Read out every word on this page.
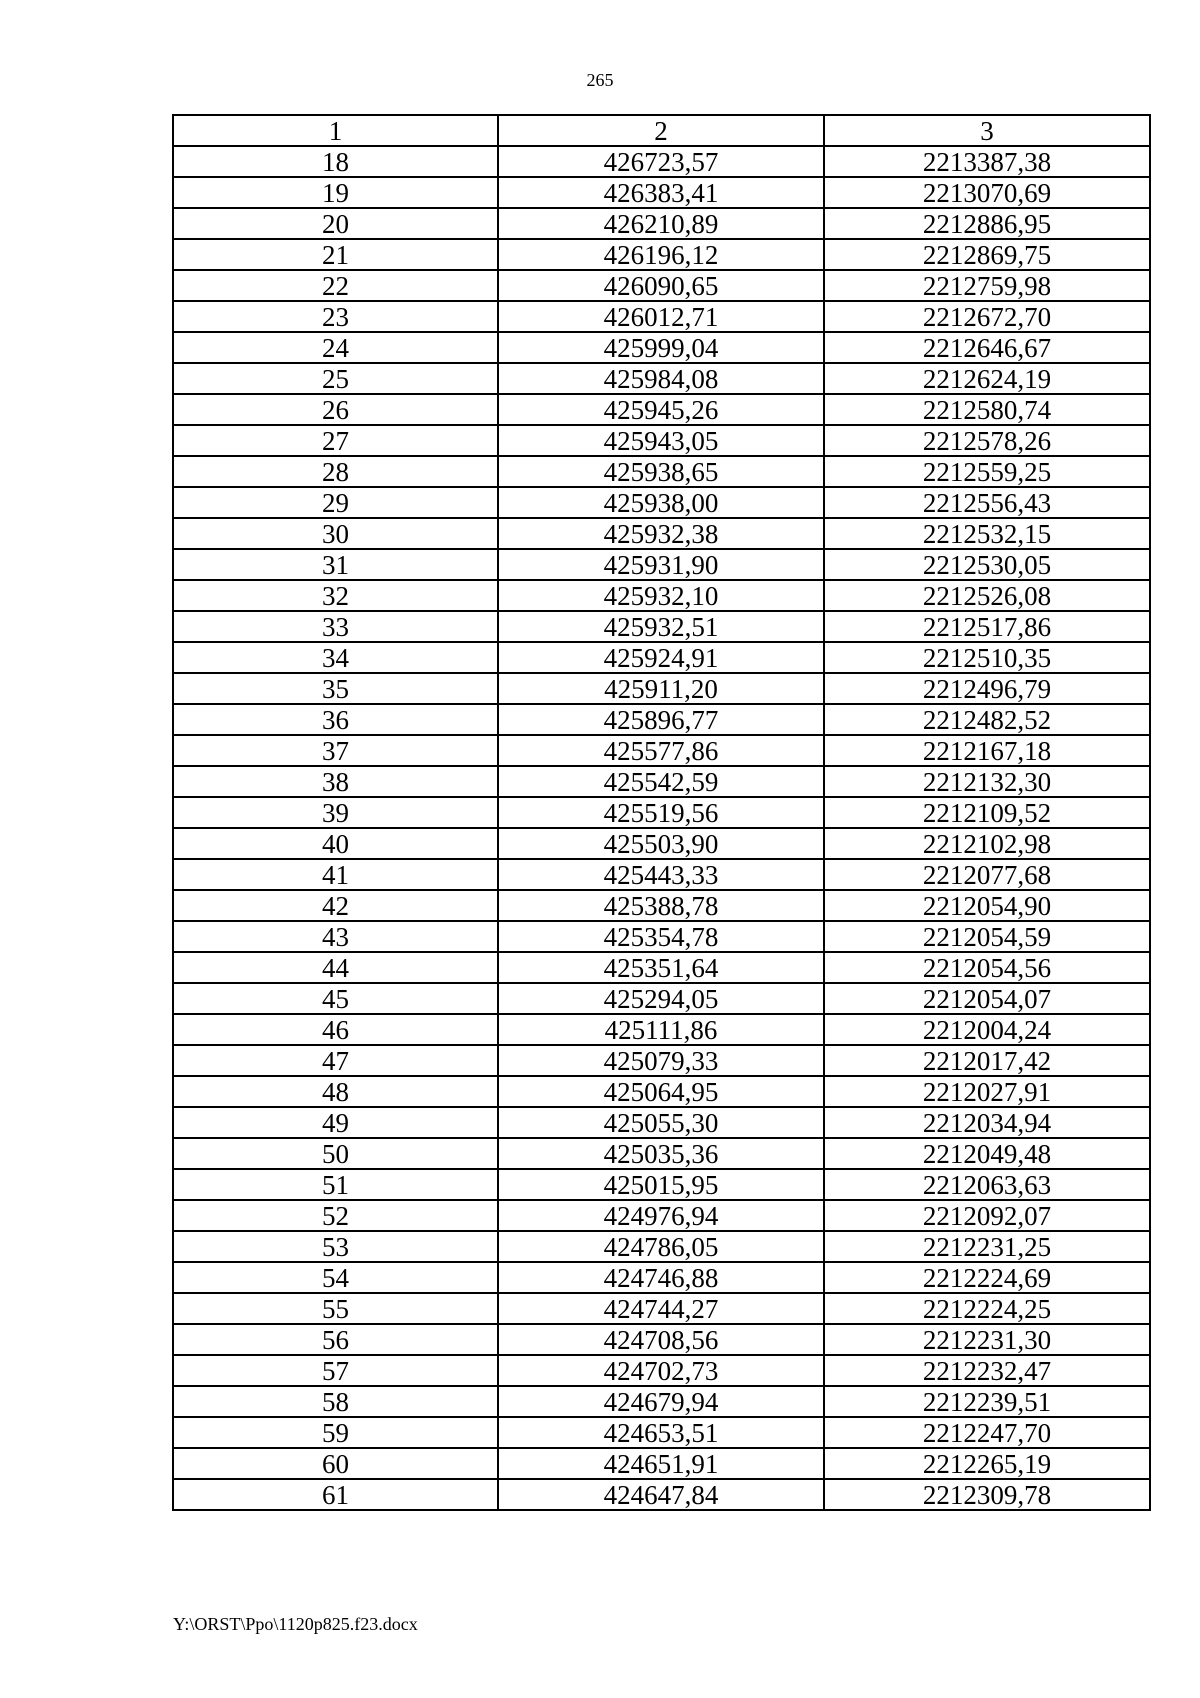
265
1	2	3
18	426723,57	2213387,38
19	426383,41	2213070,69
20	426210,89	2212886,95
21	426196,12	2212869,75
22	426090,65	2212759,98
23	426012,71	2212672,70
24	425999,04	2212646,67
25	425984,08	2212624,19
26	425945,26	2212580,74
27	425943,05	2212578,26
28	425938,65	2212559,25
29	425938,00	2212556,43
30	425932,38	2212532,15
31	425931,90	2212530,05
32	425932,10	2212526,08
33	425932,51	2212517,86
34	425924,91	2212510,35
35	425911,20	2212496,79
36	425896,77	2212482,52
37	425577,86	2212167,18
38	425542,59	2212132,30
39	425519,56	2212109,52
40	425503,90	2212102,98
41	425443,33	2212077,68
42	425388,78	2212054,90
43	425354,78	2212054,59
44	425351,64	2212054,56
45	425294,05	2212054,07
46	425111,86	2212004,24
47	425079,33	2212017,42
48	425064,95	2212027,91
49	425055,30	2212034,94
50	425035,36	2212049,48
51	425015,95	2212063,63
52	424976,94	2212092,07
53	424786,05	2212231,25
54	424746,88	2212224,69
55	424744,27	2212224,25
56	424708,56	2212231,30
57	424702,73	2212232,47
58	424679,94	2212239,51
59	424653,51	2212247,70
60	424651,91	2212265,19
61	424647,84	2212309,78
Y:\ORST\Ppo\1120p825.f23.docx
